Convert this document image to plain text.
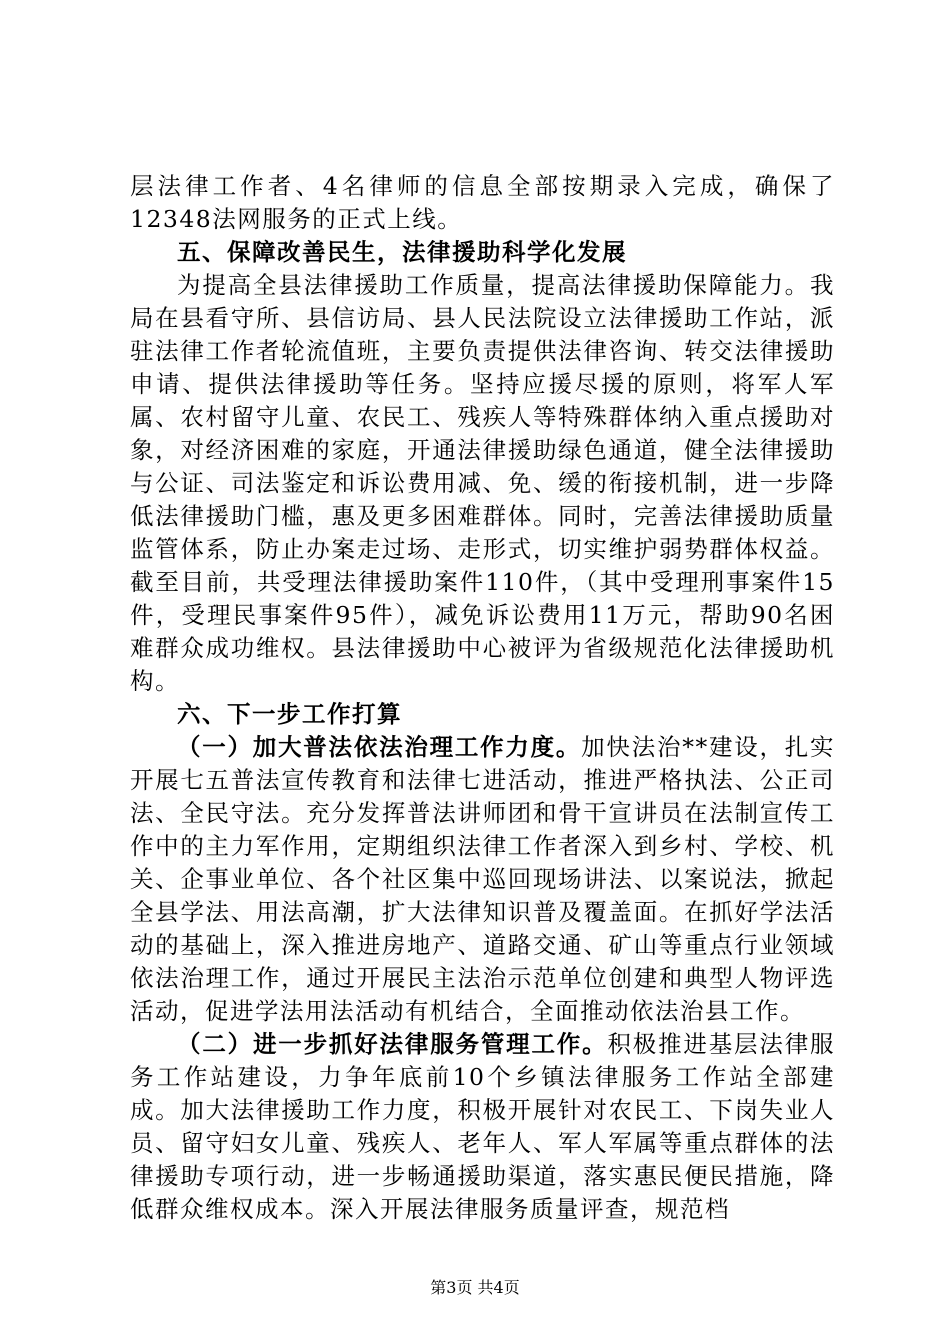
层法律工作者、4名律师的信息全部按期录入完成，确保了12348法网服务的正式上线。

五、保障改善民生，法律援助科学化发展

为提高全县法律援助工作质量，提高法律援助保障能力。我局在县看守所、县信访局、县人民法院设立法律援助工作站，派驻法律工作者轮流值班，主要负责提供法律咨询、转交法律援助申请、提供法律援助等任务。坚持应援尽援的原则，将军人军属、农村留守儿童、农民工、残疾人等特殊群体纳入重点援助对象，对经济困难的家庭，开通法律援助绿色通道，健全法律援助与公证、司法鉴定和诉讼费用减、免、缓的衔接机制，进一步降低法律援助门槛，惠及更多困难群体。同时，完善法律援助质量监管体系，防止办案走过场、走形式，切实维护弱势群体权益。截至目前，共受理法律援助案件110件，（其中受理刑事案件15件，受理民事案件95件），减免诉讼费用11万元，帮助90名困难群众成功维权。县法律援助中心被评为省级规范化法律援助机构。

六、下一步工作打算

（一）加大普法依法治理工作力度。加快法治**建设，扎实开展七五普法宣传教育和法律七进活动，推进严格执法、公正司法、全民守法。充分发挥普法讲师团和骨干宣讲员在法制宣传工作中的主力军作用，定期组织法律工作者深入到乡村、学校、机关、企事业单位、各个社区集中巡回现场讲法、以案说法，掀起全县学法、用法高潮，扩大法律知识普及覆盖面。在抓好学法活动的基础上，深入推进房地产、道路交通、矿山等重点行业领域依法治理工作，通过开展民主法治示范单位创建和典型人物评选活动，促进学法用法活动有机结合，全面推动依法治县工作。

（二）进一步抓好法律服务管理工作。积极推进基层法律服务工作站建设，力争年底前10个乡镇法律服务工作站全部建成。加大法律援助工作力度，积极开展针对农民工、下岗失业人员、留守妇女儿童、残疾人、老年人、军人军属等重点群体的法律援助专项行动，进一步畅通援助渠道，落实惠民便民措施，降低群众维权成本。深入开展法律服务质量评查，规范档

第3页 共4页
